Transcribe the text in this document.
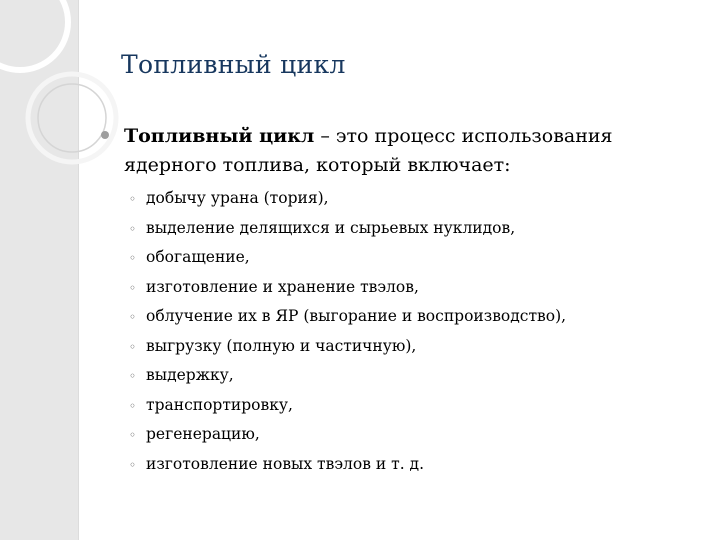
Топливный цикл

Топливный цикл – это процесс использования ядерного топлива, который включает:

◦ добычу урана (тория),
◦ выделение делящихся и сырьевых нуклидов,
◦ обогащение,
◦ изготовление и хранение твэлов,
◦ облучение их в ЯР (выгорание и воспроизводство),
◦ выгрузку (полную и частичную),
◦ выдержку,
◦ транспортировку,
◦ регенерацию,
◦ изготовление новых твэлов и т. д.
